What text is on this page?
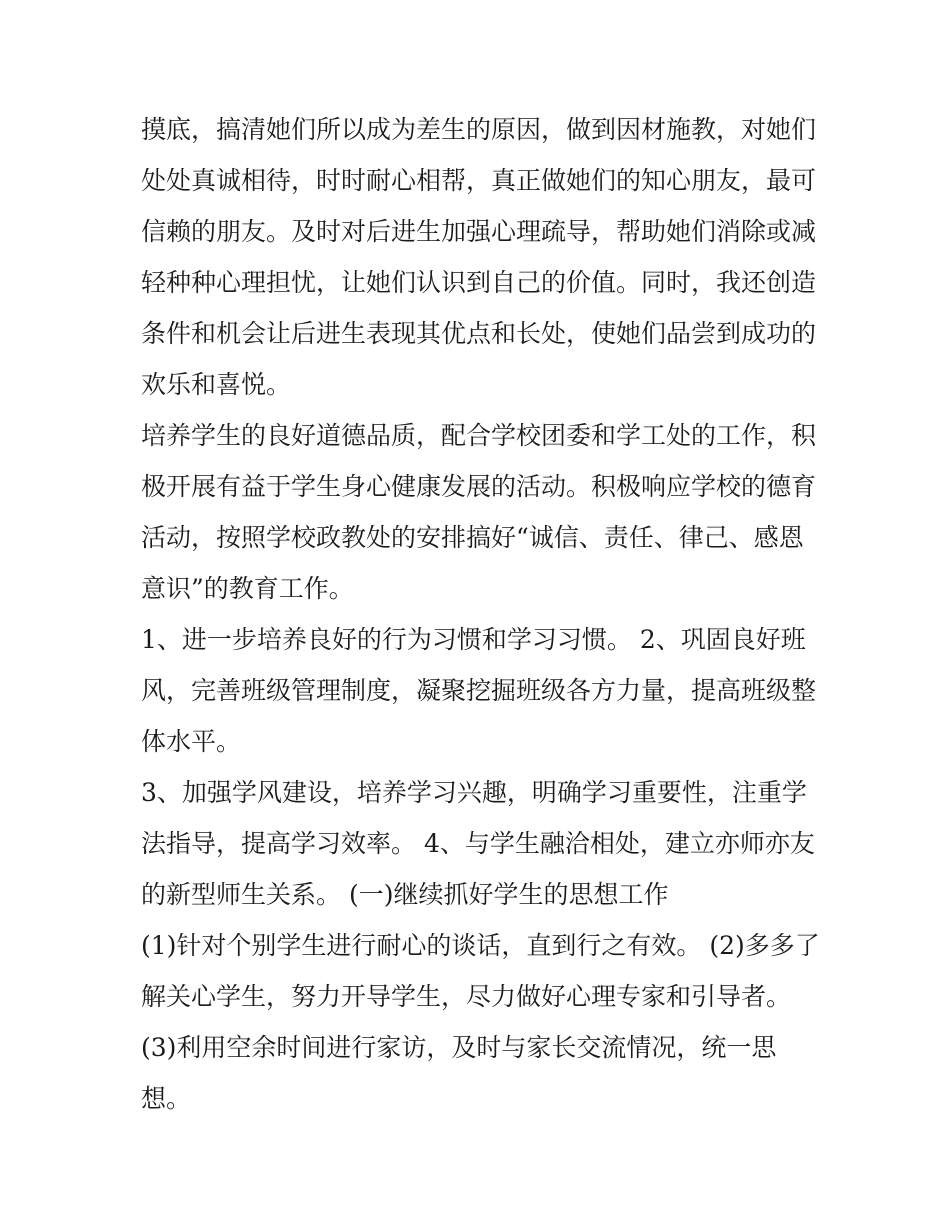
摸底，搞清她们所以成为差生的原因，做到因材施教，对她们
处处真诚相待，时时耐心相帮，真正做她们的知心朋友，最可
信赖的朋友。及时对后进生加强心理疏导，帮助她们消除或减
轻种种心理担忧，让她们认识到自己的价值。同时，我还创造
条件和机会让后进生表现其优点和长处，使她们品尝到成功的
欢乐和喜悦。
培养学生的良好道德品质，配合学校团委和学工处的工作，积
极开展有益于学生身心健康发展的活动。积极响应学校的德育
活动，按照学校政教处的安排搞好“诚信、责任、律己、感恩
意识”的教育工作。
1、进一步培养良好的行为习惯和学习习惯。 2、巩固良好班
风，完善班级管理制度，凝聚挖掘班级各方力量，提高班级整
体水平。
3、加强学风建设，培养学习兴趣，明确学习重要性，注重学
法指导，提高学习效率。 4、与学生融洽相处，建立亦师亦友
的新型师生关系。 (一)继续抓好学生的思想工作
(1)针对个别学生进行耐心的谈话，直到行之有效。 (2)多多了
解关心学生，努力开导学生，尽力做好心理专家和引导者。
(3)利用空余时间进行家访，及时与家长交流情况，统一思
想。
